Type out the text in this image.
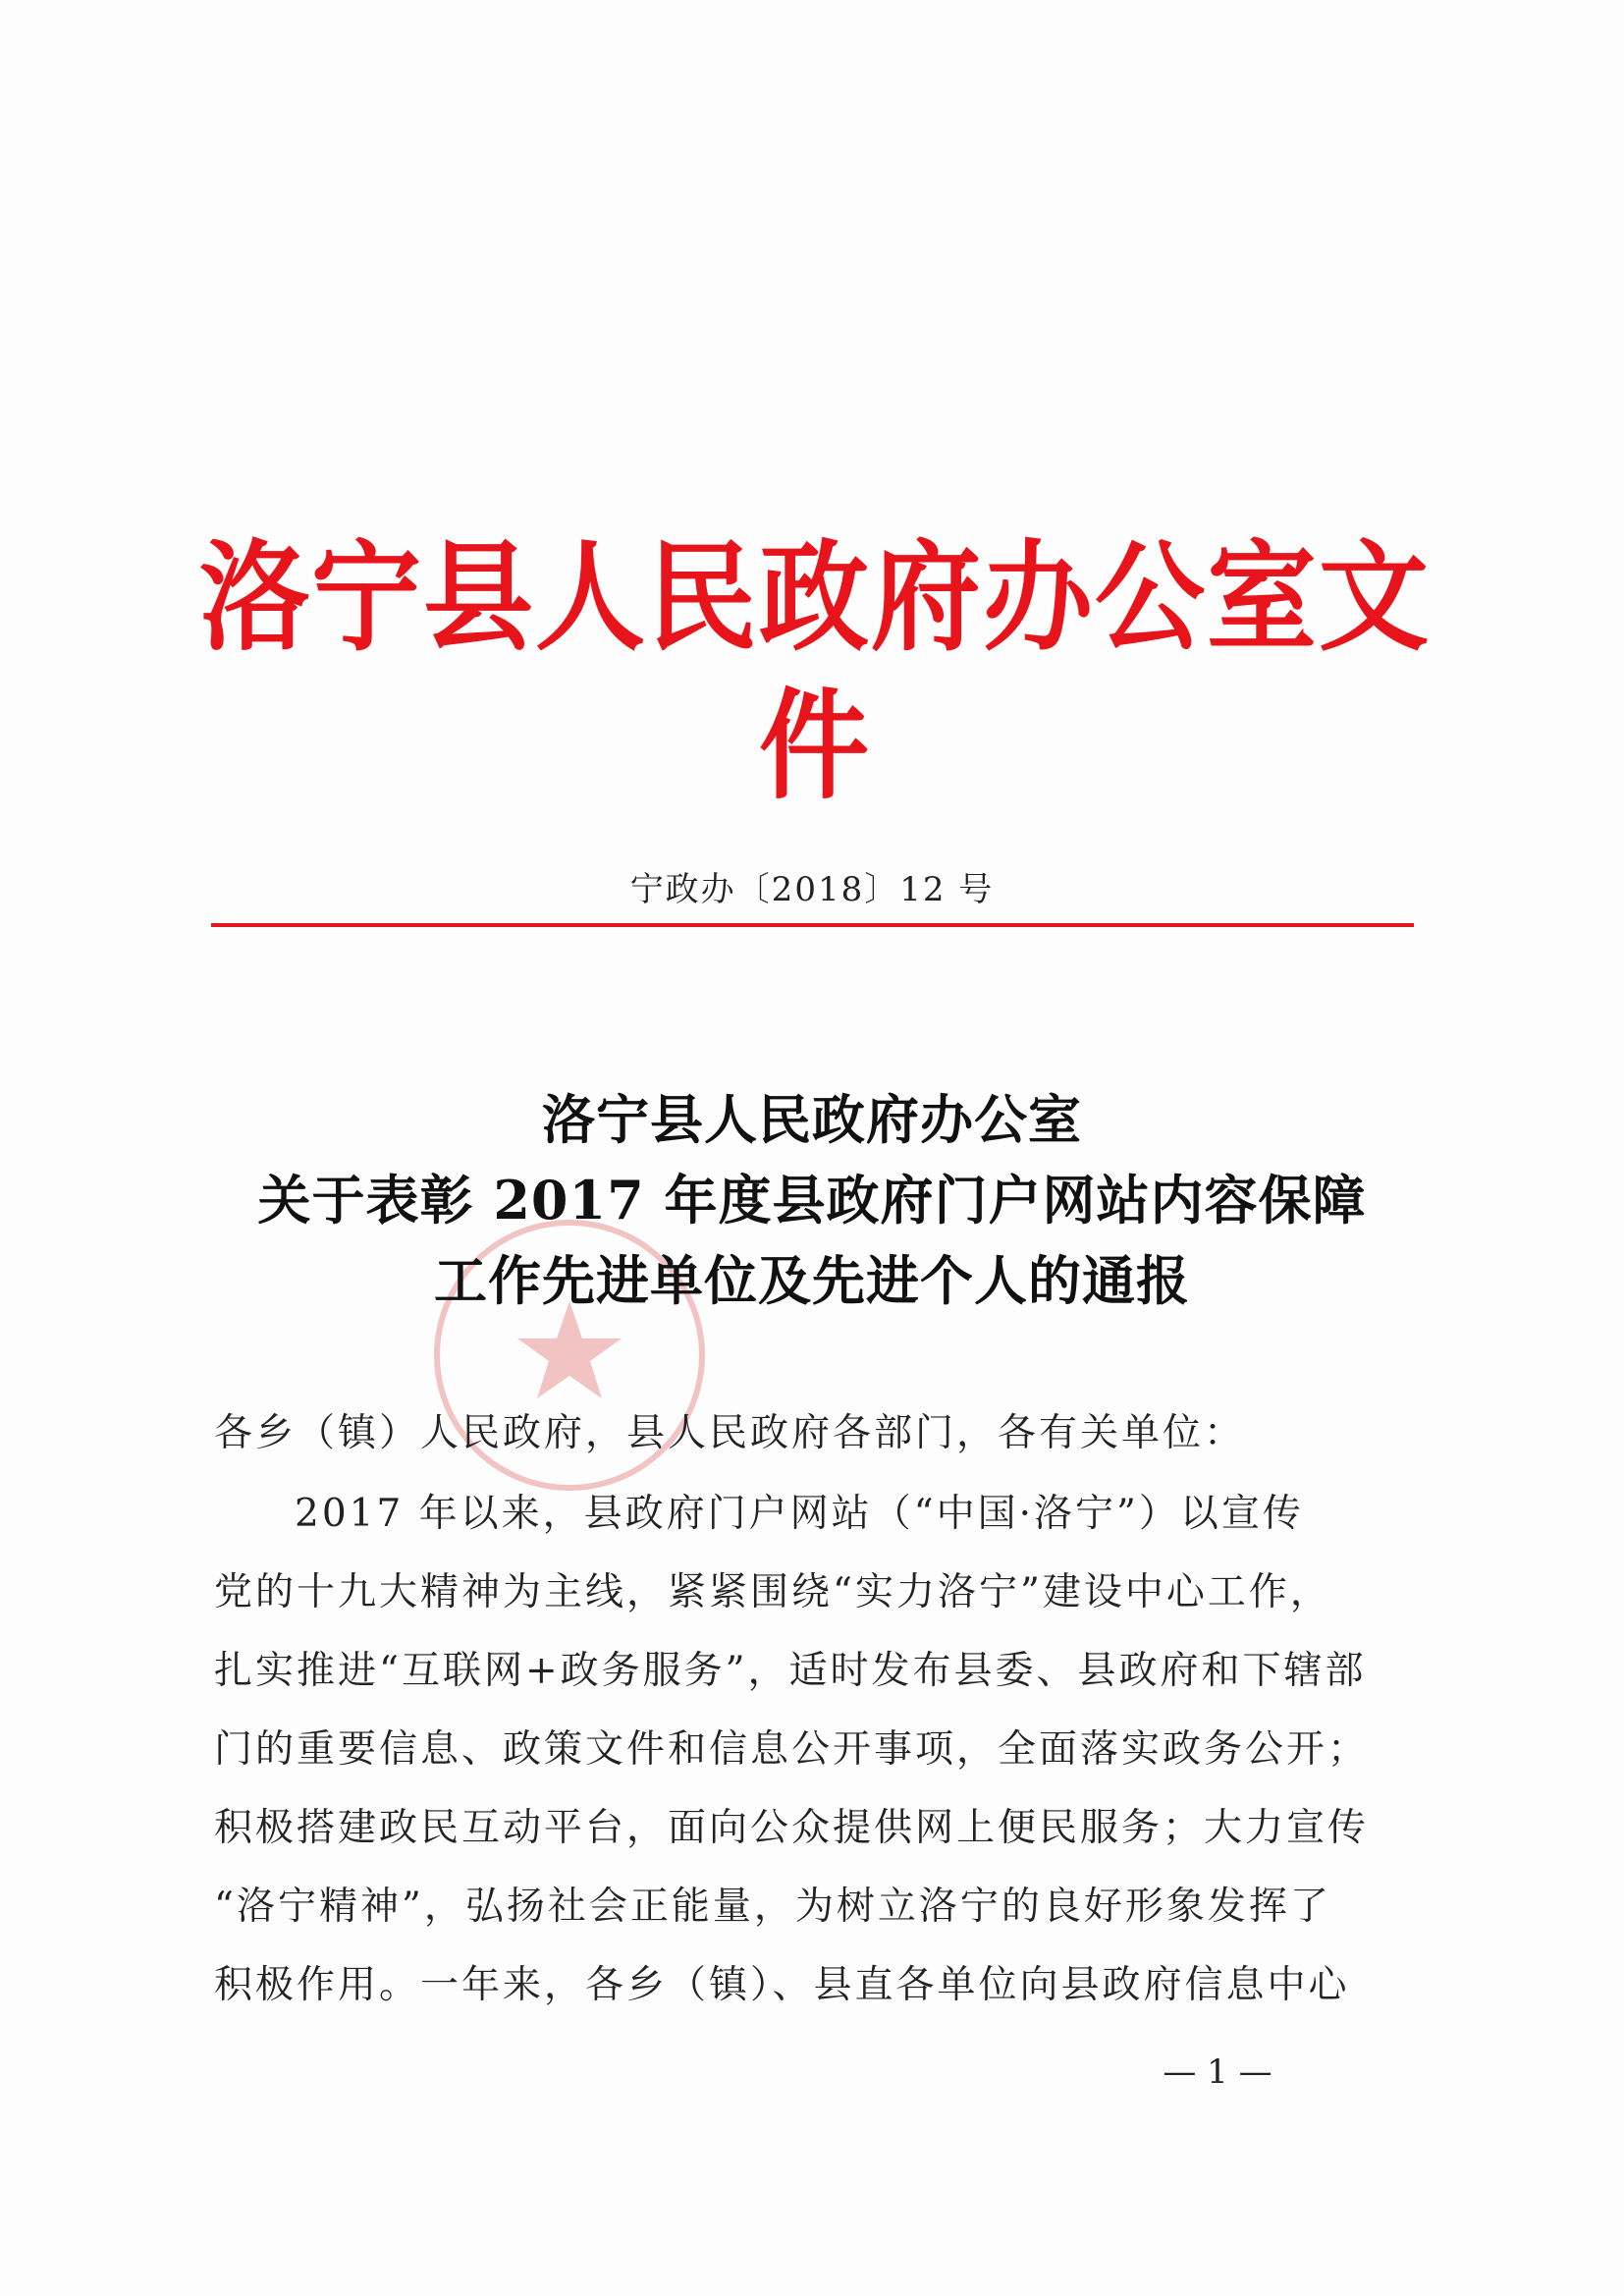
洛宁县人民政府办公室文件
宁政办〔2018〕12 号
洛宁县人民政府办公室
关于表彰 2017 年度县政府门户网站内容保障
工作先进单位及先进个人的通报
各乡（镇）人民政府，县人民政府各部门，各有关单位：
2017 年以来，县政府门户网站（“中国·洛宁”）以宣传
党的十九大精神为主线，紧紧围绕“实力洛宁”建设中心工作，
扎实推进“互联网+政务服务”，适时发布县委、县政府和下辖部
门的重要信息、政策文件和信息公开事项，全面落实政务公开；
积极搭建政民互动平台，面向公众提供网上便民服务；大力宣传
“洛宁精神”，弘扬社会正能量，为树立洛宁的良好形象发挥了
积极作用。一年来，各乡（镇）、县直各单位向县政府信息中心
— 1 —
